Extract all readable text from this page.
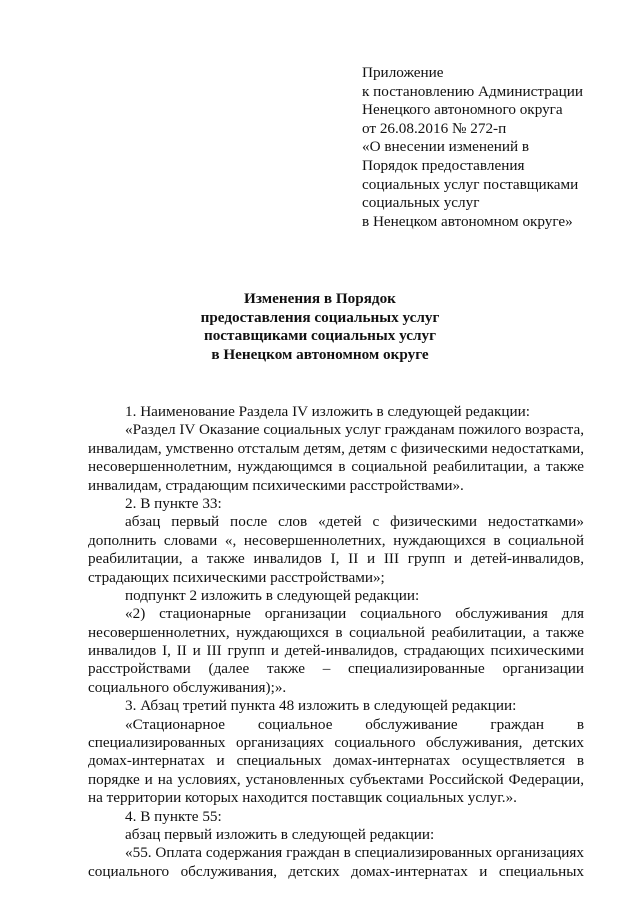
Приложение
к постановлению Администрации
Ненецкого автономного округа
от 26.08.2016 № 272-п
«О внесении изменений в
Порядок предоставления
социальных услуг поставщиками
социальных услуг
в Ненецком автономном округе»
Изменения в Порядок
предоставления социальных услуг
поставщиками социальных услуг
в Ненецком автономном округе
1. Наименование Раздела IV изложить в следующей редакции:
«Раздел IV Оказание социальных услуг гражданам пожилого возраста,
инвалидам, умственно отсталым детям, детям с физическими недостатками,
несовершеннолетним, нуждающимся в социальной реабилитации, а также
инвалидам, страдающим психическими расстройствами».
2. В пункте 33:
абзац первый после слов «детей с физическими недостатками»
дополнить словами «, несовершеннолетних, нуждающихся в социальной
реабилитации, а также инвалидов I, II и III групп и детей-инвалидов,
страдающих психическими расстройствами»;
подпункт 2 изложить в следующей редакции:
«2) стационарные организации социального обслуживания для
несовершеннолетних, нуждающихся в социальной реабилитации, а также
инвалидов I, II и III групп и детей-инвалидов, страдающих психическими
расстройствами (далее также – специализированные организации
социального обслуживания);».
3. Абзац третий пункта 48 изложить в следующей редакции:
«Стационарное социальное обслуживание граждан в
специализированных организациях социального обслуживания, детских
домах-интернатах и специальных домах-интернатах осуществляется в
порядке и на условиях, установленных субъектами Российской Федерации,
на территории которых находится поставщик социальных услуг.».
4. В пункте 55:
абзац первый изложить в следующей редакции:
«55. Оплата содержания граждан в специализированных организациях
социального обслуживания, детских домах-интернатах и специальных
